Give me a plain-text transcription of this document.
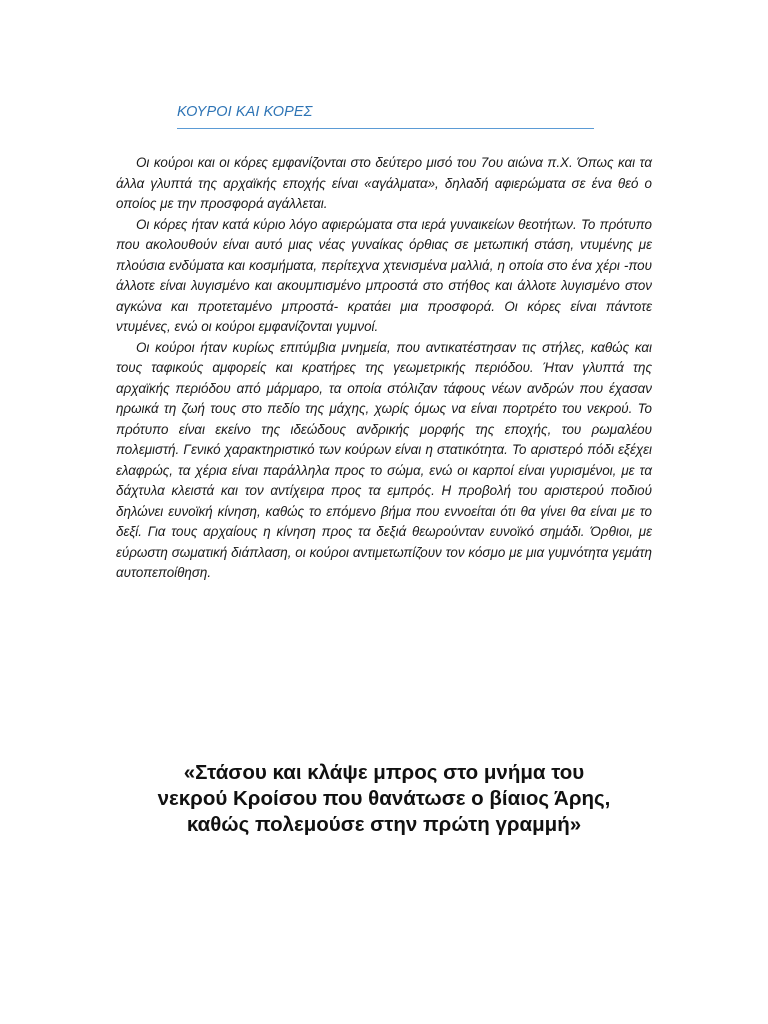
ΚΟΥΡΟΙ ΚΑΙ ΚΟΡΕΣ

Οι κούροι και οι κόρες εμφανίζονται στο δεύτερο μισό του 7ου αιώνα π.Χ. Όπως και τα άλλα γλυπτά της αρχαϊκής εποχής είναι «αγάλματα», δηλαδή αφιερώματα σε ένα θεό ο οποίος με την προσφορά αγάλλεται.

Οι κόρες ήταν κατά κύριο λόγο αφιερώματα στα ιερά γυναικείων θεοτήτων. Το πρότυπο που ακολουθούν είναι αυτό μιας νέας γυναίκας όρθιας σε μετωπική στάση, ντυμένης με πλούσια ενδύματα και κοσμήματα, περίτεχνα χτενισμένα μαλλιά, η οποία στο ένα χέρι -που άλλοτε είναι λυγισμένο και ακουμπισμένο μπροστά στο στήθος και άλλοτε λυγισμένο στον αγκώνα και προτεταμένο μπροστά- κρατάει μια προσφορά. Οι κόρες είναι πάντοτε ντυμένες, ενώ οι κούροι εμφανίζονται γυμνοί.

Οι κούροι ήταν κυρίως επιτύμβια μνημεία, που αντικατέστησαν τις στήλες, καθώς και τους ταφικούς αμφορείς και κρατήρες της γεωμετρικής περιόδου. Ήταν γλυπτά της αρχαϊκής περιόδου από μάρμαρο, τα οποία στόλιζαν τάφους νέων ανδρών που έχασαν ηρωικά τη ζωή τους στο πεδίο της μάχης, χωρίς όμως να είναι πορτρέτο του νεκρού. Το πρότυπο είναι εκείνο της ιδεώδους ανδρικής μορφής της εποχής, του ρωμαλέου πολεμιστή. Γενικό χαρακτηριστικό των κούρων είναι η στατικότητα. Το αριστερό πόδι εξέχει ελαφρώς, τα χέρια είναι παράλληλα προς το σώμα, ενώ οι καρποί είναι γυρισμένοι, με τα δάχτυλα κλειστά και τον αντίχειρα προς τα εμπρός. Η προβολή του αριστερού ποδιού δηλώνει ευνοϊκή κίνηση, καθώς το επόμενο βήμα που εννοείται ότι θα γίνει θα είναι με το δεξί. Για τους αρχαίους η κίνηση προς τα δεξιά θεωρούνταν ευνοϊκό σημάδι. Όρθιοι, με εύρωστη σωματική διάπλαση, οι κούροι αντιμετωπίζουν τον κόσμο με μια γυμνότητα γεμάτη αυτοπεποίθηση.

«Στάσου και κλάψε μπρος στο μνήμα του
νεκρού Κροίσου που θανάτωσε ο βίαιος Άρης,
καθώς πολεμούσε στην πρώτη γραμμή»
